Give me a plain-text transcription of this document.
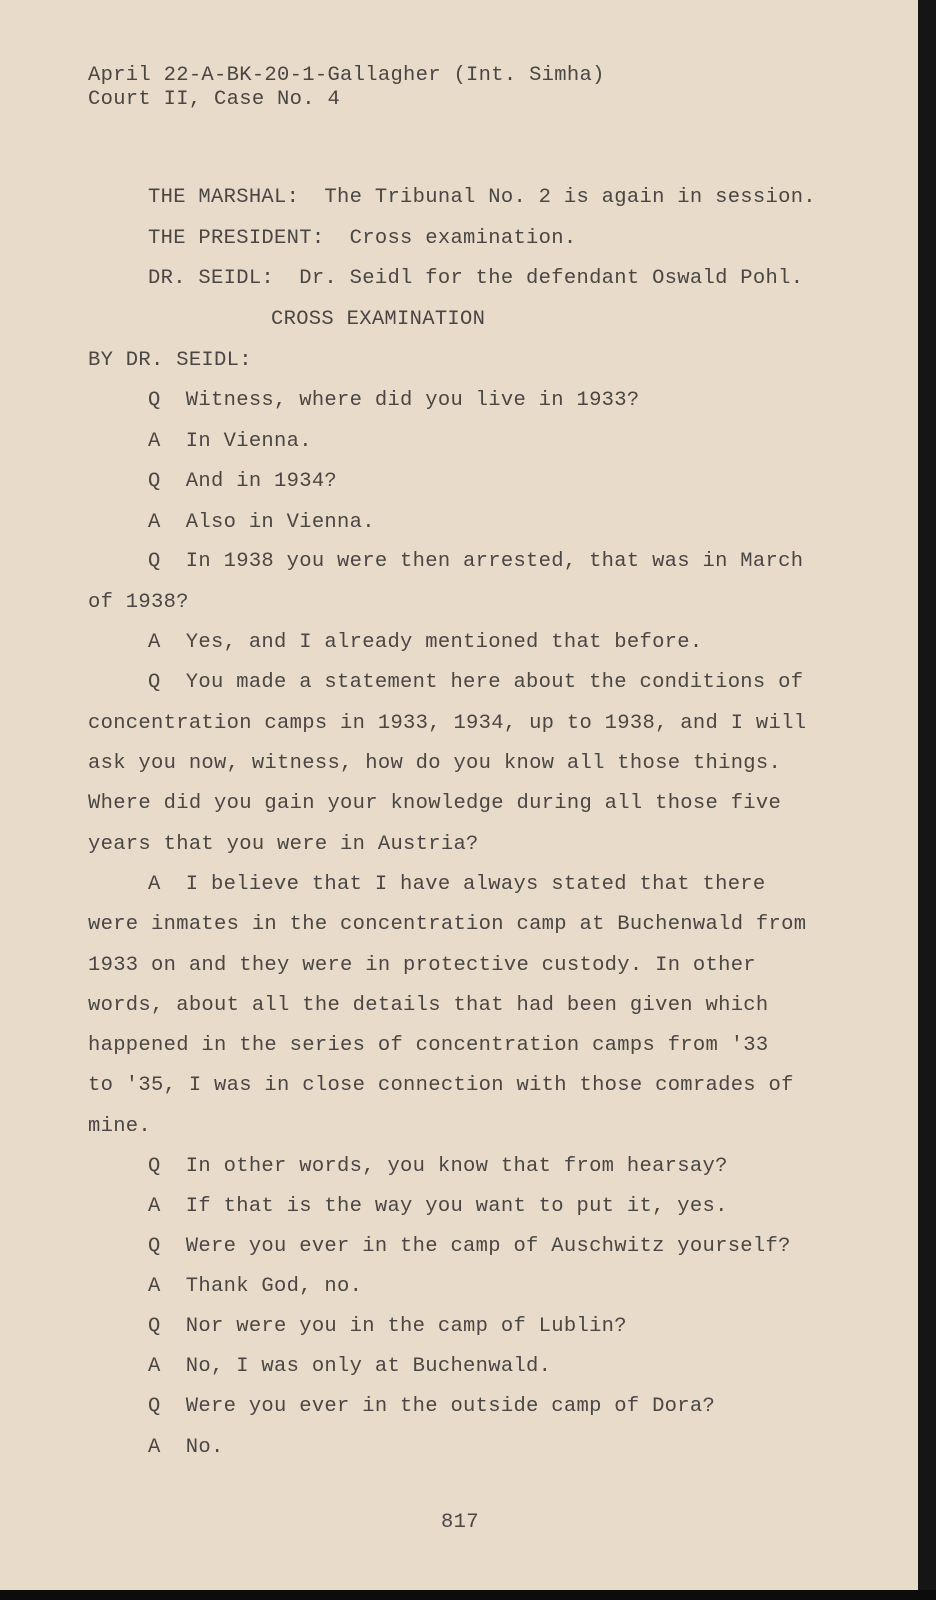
April 22-A-BK-20-1-Gallagher (Int. Simha)
Court II, Case No. 4
THE MARSHAL:  The Tribunal No. 2 is again in session.
THE PRESIDENT:  Cross examination.
DR. SEIDL:  Dr. Seidl for the defendant Oswald Pohl.
CROSS EXAMINATION
BY DR. SEIDL:
Q  Witness, where did you live in 1933?
A  In Vienna.
Q  And in 1934?
A  Also in Vienna.
Q  In 1938 you were then arrested, that was in March
of 1938?
A  Yes, and I already mentioned that before.
Q  You made a statement here about the conditions of
concentration camps in 1933, 1934, up to 1938, and I will
ask you now, witness, how do you know all those things.
Where did you gain your knowledge during all those five
years that you were in Austria?
A  I believe that I have always stated that there
were inmates in the concentration camp at Buchenwald from
1933 on and they were in protective custody. In other
words, about all the details that had been given which
happened in the series of concentration camps from '33
to '35, I was in close connection with those comrades of
mine.
Q  In other words, you know that from hearsay?
A  If that is the way you want to put it, yes.
Q  Were you ever in the camp of Auschwitz yourself?
A  Thank God, no.
Q  Nor were you in the camp of Lublin?
A  No, I was only at Buchenwald.
Q  Were you ever in the outside camp of Dora?
A  No.
817
